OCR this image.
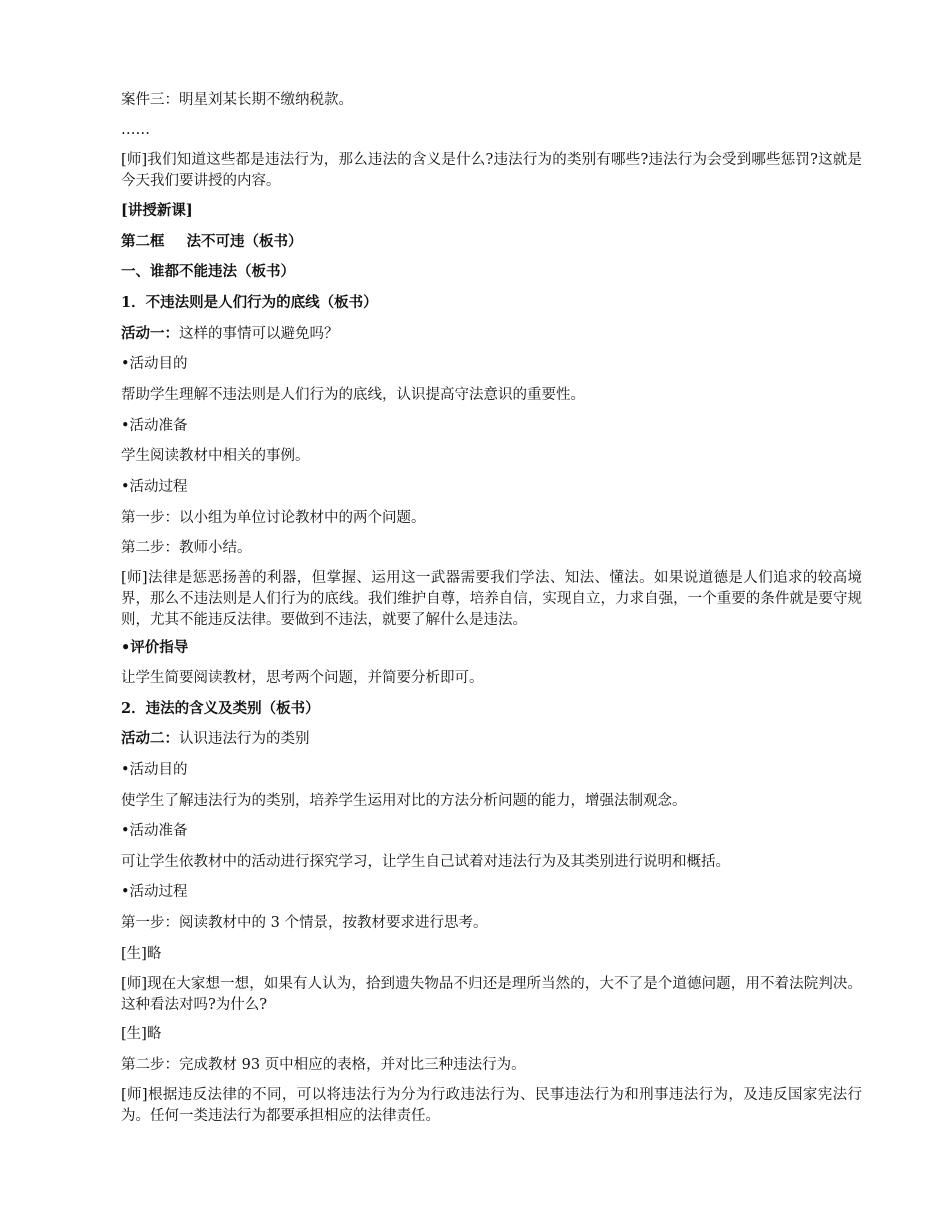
案件三：明星刘某长期不缴纳税款。
……
[师]我们知道这些都是违法行为，那么违法的含义是什么?违法行为的类别有哪些?违法行为会受到哪些惩罚?这就是今天我们要讲授的内容。
[讲授新课]
第二框 法不可违（板书）
一、谁都不能违法（板书）
1．不违法则是人们行为的底线（板书）
活动一：这样的事情可以避免吗？
•活动目的
帮助学生理解不违法则是人们行为的底线，认识提高守法意识的重要性。
•活动准备
学生阅读教材中相关的事例。
•活动过程
第一步：以小组为单位讨论教材中的两个问题。
第二步：教师小结。
[师]法律是惩恶扬善的利器，但掌握、运用这一武器需要我们学法、知法、懂法。如果说道德是人们追求的较高境界，那么不违法则是人们行为的底线。我们维护自尊，培养自信，实现自立，力求自强，一个重要的条件就是要守规则，尤其不能违反法律。要做到不违法，就要了解什么是违法。
•评价指导
让学生简要阅读教材，思考两个问题，并简要分析即可。
2．违法的含义及类别（板书）
活动二：认识违法行为的类别
•活动目的
使学生了解违法行为的类别，培养学生运用对比的方法分析问题的能力，增强法制观念。
•活动准备
可让学生依教材中的活动进行探究学习，让学生自己试着对违法行为及其类别进行说明和概括。
•活动过程
第一步：阅读教材中的 3 个情景，按教材要求进行思考。
[生]略
[师]现在大家想一想，如果有人认为，拾到遗失物品不归还是理所当然的，大不了是个道德问题，用不着法院判决。这种看法对吗?为什么?
[生]略
第二步：完成教材 93 页中相应的表格，并对比三种违法行为。
[师]根据违反法律的不同，可以将违法行为分为行政违法行为、民事违法行为和刑事违法行为，及违反国家宪法行为。任何一类违法行为都要承担相应的法律责任。
